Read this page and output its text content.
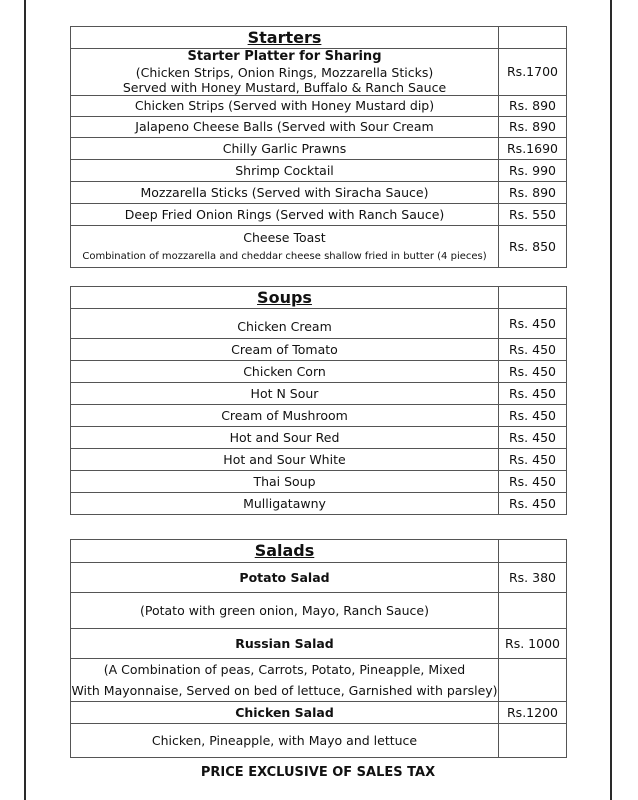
Starters	

Starter Platter for Sharing
(Chicken Strips, Onion Rings, Mozzarella Sticks)
Served with Honey Mustard, Buffalo & Ranch Sauce	Rs.1700
Chicken Strips (Served with Honey Mustard dip)	Rs. 890
Jalapeno Cheese Balls (Served with Sour Cream	Rs. 890
Chilly Garlic Prawns	Rs.1690
Shrimp Cocktail	Rs. 990
Mozzarella Sticks (Served with Siracha Sauce)	Rs. 890
Deep Fried Onion Rings (Served with Ranch Sauce)	Rs. 550

Cheese Toast
Combination of mozzarella and cheddar cheese shallow fried in butter (4 pieces)	Rs. 850
Soups	
Chicken Cream	Rs. 450
Cream of Tomato	Rs. 450
Chicken Corn	Rs. 450
Hot N Sour	Rs. 450
Cream of Mushroom	Rs. 450
Hot and Sour Red	Rs. 450
Hot and Sour White	Rs. 450
Thai Soup	Rs. 450
Mulligatawny	Rs. 450
Salads	
Potato Salad	Rs. 380
(Potato with green onion, Mayo, Ranch Sauce)	
Russian Salad	Rs. 1000

(A Combination of peas, Carrots, Potato, Pineapple, Mixed
With Mayonnaise, Served on bed of lettuce, Garnished with parsley)	

Chicken Salad	Rs.1200
Chicken, Pineapple, with Mayo and lettuce	
PRICE EXCLUSIVE OF SALES TAX
